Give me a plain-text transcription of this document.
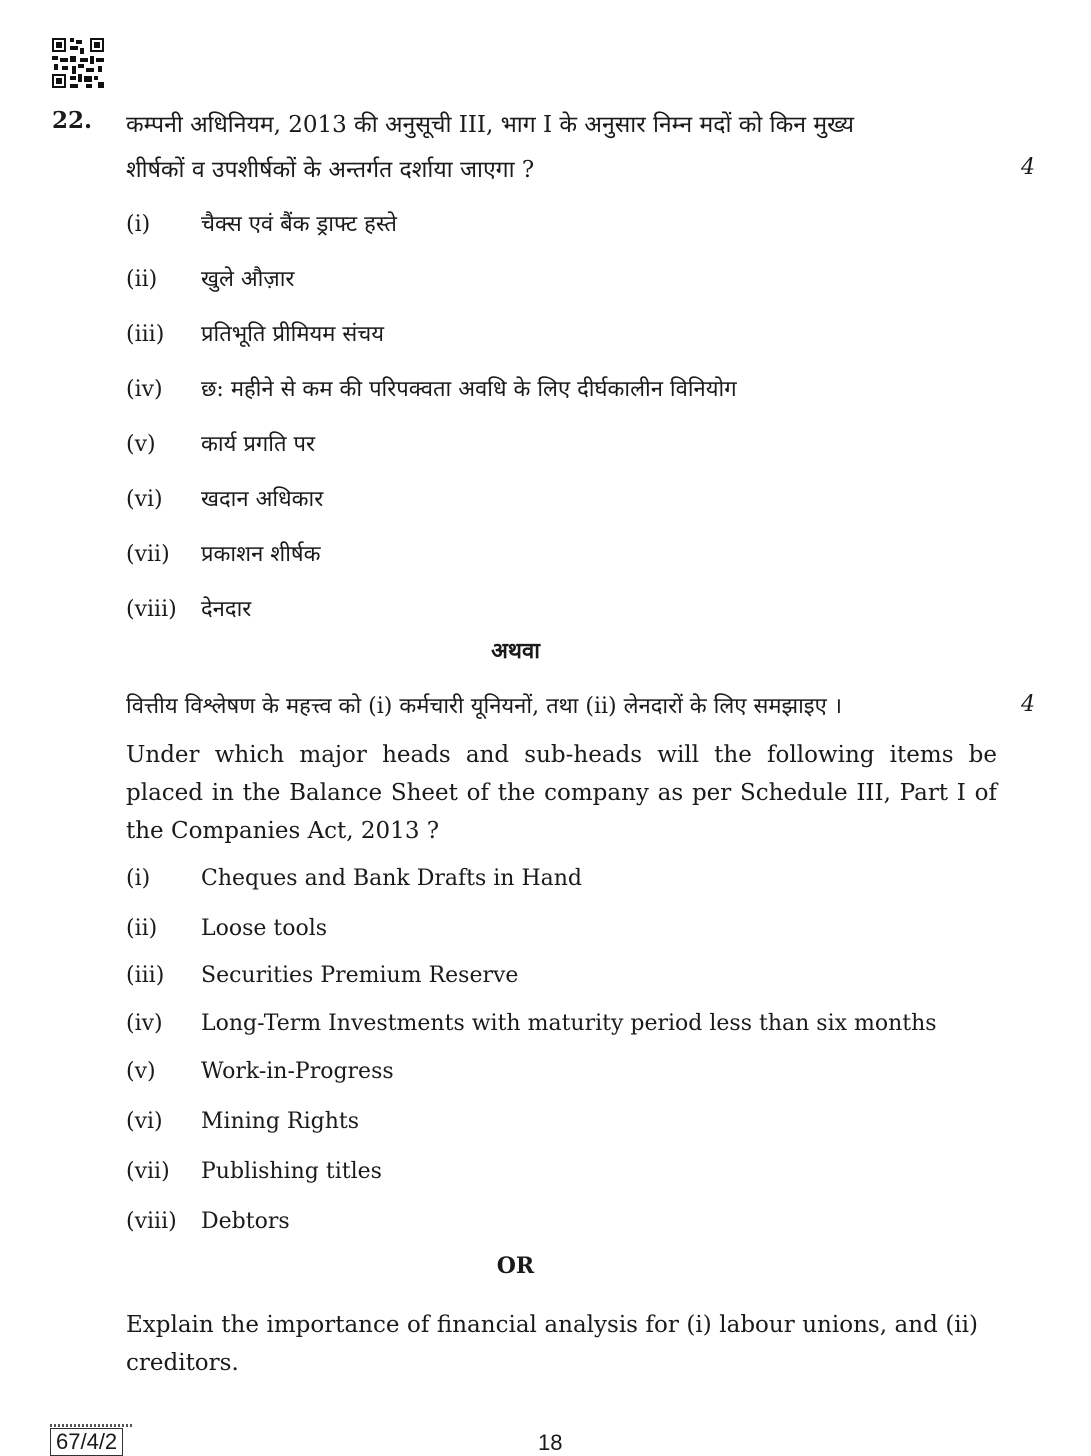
22. कम्पनी अधिनियम, 2013 की अनुसूची III, भाग I के अनुसार निम्न मदों को किन मुख्य
शीर्षकों व उपशीर्षकों के अन्तर्गत दर्शाया जाएगा ?	4
(i) चैक्स एवं बैंक ड्राफ्ट हस्ते
(ii) खुले औज़ार
(iii) प्रतिभूति प्रीमियम संचय
(iv) छ: महीने से कम की परिपक्वता अवधि के लिए दीर्घकालीन विनियोग
(v) कार्य प्रगति पर
(vi) खदान अधिकार
(vii) प्रकाशन शीर्षक
(viii) देनदार
अथवा
वित्तीय विश्लेषण के महत्त्व को (i) कर्मचारी यूनियनों, तथा (ii) लेनदारों के लिए समझाइए ।	4
Under which major heads and sub-heads will the following items be placed in the Balance Sheet of the company as per Schedule III, Part I of the Companies Act, 2013 ?
(i) Cheques and Bank Drafts in Hand
(ii) Loose tools
(iii) Securities Premium Reserve
(iv) Long-Term Investments with maturity period less than six months
(v) Work-in-Progress
(vi) Mining Rights
(vii) Publishing titles
(viii) Debtors
OR
Explain the importance of financial analysis for (i) labour unions, and (ii) creditors.
67/4/2	18
